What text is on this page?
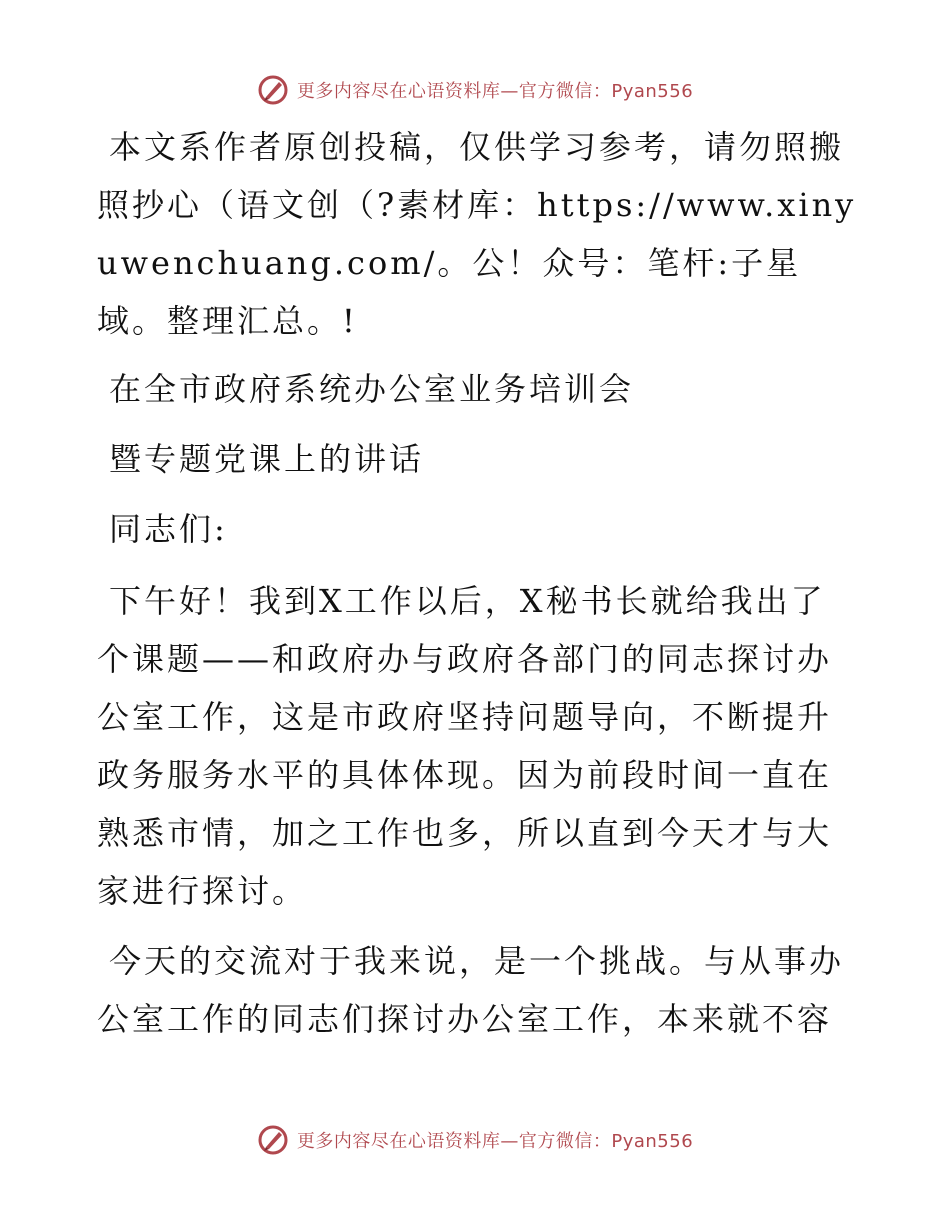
更多内容尽在心语资料库—官方微信：Pyan556

本文系作者原创投稿，仅供学习参考，请勿照搬照抄心（语文创（?素材库：https://www.xinyuwenchuang.com/。公！众号：笔杆:子星域。整理汇总。!

在全市政府系统办公室业务培训会

暨专题党课上的讲话

同志们:

下午好！我到X工作以后，X秘书长就给我出了个课题——和政府办与政府各部门的同志探讨办公室工作，这是市政府坚持问题导向，不断提升政务服务水平的具体体现。因为前段时间一直在熟悉市情，加之工作也多，所以直到今天才与大家进行探讨。

今天的交流对于我来说，是一个挑战。与从事办公室工作的同志们探讨办公室工作，本来就不容

更多内容尽在心语资料库—官方微信：Pyan556
